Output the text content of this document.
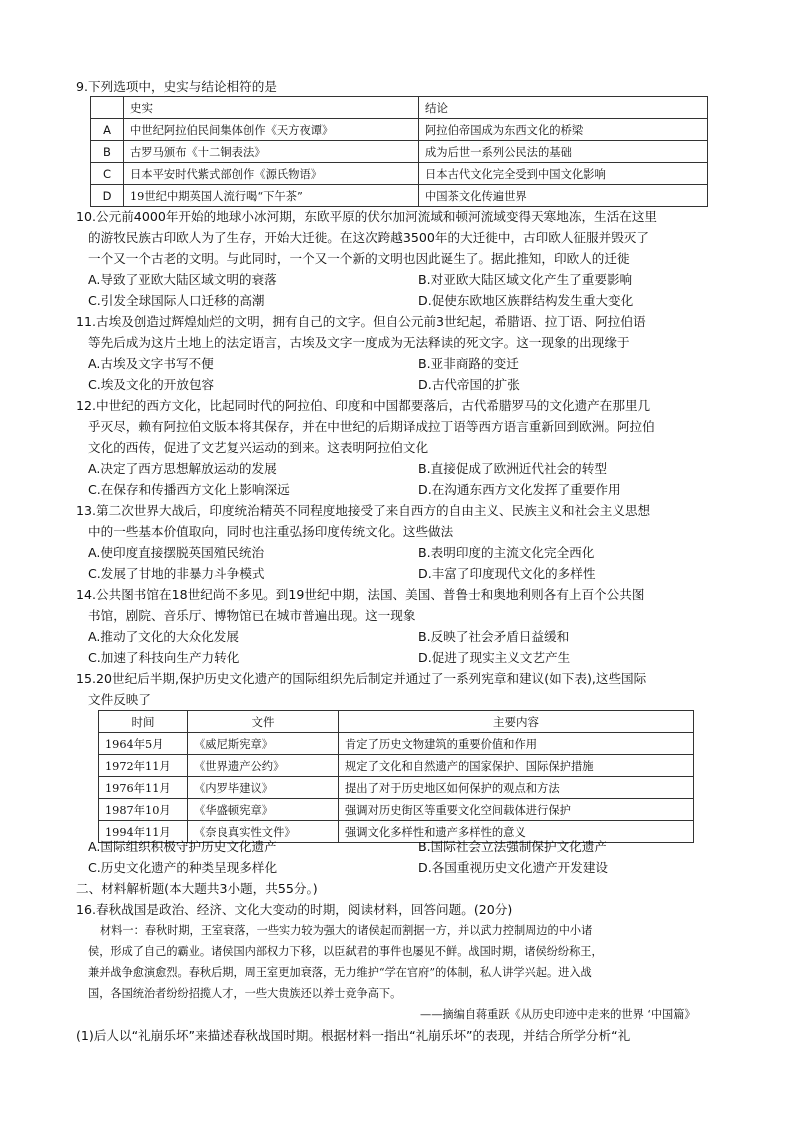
9.下列选项中，史实与结论相符的是
	史实	结论
A	中世纪阿拉伯民间集体创作《天方夜谭》	阿拉伯帝国成为东西文化的桥梁
B	古罗马颁布《十二铜表法》	成为后世一系列公民法的基础
C	日本平安时代紫式部创作《源氏物语》	日本古代文化完全受到中国文化影响
D	19世纪中期英国人流行喝“下午茶”	中国茶文化传遍世界
10.公元前4000年开始的地球小冰河期，东欧平原的伏尔加河流域和顿河流域变得天寒地冻，生活在这里
的游牧民族古印欧人为了生存，开始大迁徙。在这次跨越3500年的大迁徙中，古印欧人征服并毁灭了
一个又一个古老的文明。与此同时，一个又一个新的文明也因此诞生了。据此推知，印欧人的迁徙
A.导致了亚欧大陆区域文明的衰落	B.对亚欧大陆区域文化产生了重要影响
C.引发全球国际人口迁移的高潮	D.促使东欧地区族群结构发生重大变化
11.古埃及创造过辉煌灿烂的文明，拥有自己的文字。但自公元前3世纪起，希腊语、拉丁语、阿拉伯语
等先后成为这片土地上的法定语言，古埃及文字一度成为无法释读的死文字。这一现象的出现缘于
A.古埃及文字书写不便	B.亚非商路的变迁
C.埃及文化的开放包容	D.古代帝国的扩张
12.中世纪的西方文化，比起同时代的阿拉伯、印度和中国都要落后，古代希腊罗马的文化遗产在那里几
乎灭尽，赖有阿拉伯文版本将其保存，并在中世纪的后期译成拉丁语等西方语言重新回到欧洲。阿拉伯
文化的西传，促进了文艺复兴运动的到来。这表明阿拉伯文化
A.决定了西方思想解放运动的发展	B.直接促成了欧洲近代社会的转型
C.在保存和传播西方文化上影响深远	D.在沟通东西方文化发挥了重要作用
13.第二次世界大战后，印度统治精英不同程度地接受了来自西方的自由主义、民族主义和社会主义思想
中的一些基本价值取向，同时也注重弘扬印度传统文化。这些做法
A.使印度直接摆脱英国殖民统治	B.表明印度的主流文化完全西化
C.发展了甘地的非暴力斗争模式	D.丰富了印度现代文化的多样性
14.公共图书馆在18世纪尚不多见。到19世纪中期，法国、美国、普鲁士和奥地利则各有上百个公共图
书馆，剧院、音乐厅、博物馆已在城市普遍出现。这一现象
A.推动了文化的大众化发展	B.反映了社会矛盾日益缓和
C.加速了科技向生产力转化	D.促进了现实主义文艺产生
15.20世纪后半期,保护历史文化遗产的国际组织先后制定并通过了一系列宪章和建议(如下表),这些国际
文件反映了
时间	文件	主要内容
1964年5月	《威尼斯宪章》	肯定了历史文物建筑的重要价值和作用
1972年11月	《世界遗产公约》	规定了文化和自然遗产的国家保护、国际保护措施
1976年11月	《内罗毕建议》	提出了对于历史地区如何保护的观点和方法
1987年10月	《华盛顿宪章》	强调对历史街区等重要文化空间载体进行保护
1994年11月	《奈良真实性文件》	强调文化多样性和遗产多样性的意义
A.国际组织积极守护历史文化遗产	B.国际社会立法强制保护文化遗产
C.历史文化遗产的种类呈现多样化	D.各国重视历史文化遗产开发建设
二、材料解析题(本大题共3小题，共55分。)
16.春秋战国是政治、经济、文化大变动的时期，阅读材料，回答问题。(20分)
材料一：春秋时期，王室衰落，一些实力较为强大的诸侯起而割据一方，并以武力控制周边的中小诸
侯，形成了自己的霸业。诸侯国内部权力下移，以臣弑君的事件也屡见不鲜。战国时期，诸侯纷纷称王，
兼并战争愈演愈烈。春秋后期，周王室更加衰落，无力维护“学在官府”的体制，私人讲学兴起。进入战
国，各国统治者纷纷招揽人才，一些大贵族还以养士竞争高下。
——摘编自蒋重跃《从历史印迹中走来的世界 ‘中国篇》
(1)后人以“礼崩乐坏”来描述春秋战国时期。根据材料一指出“礼崩乐坏”的表现，并结合所学分析“礼
